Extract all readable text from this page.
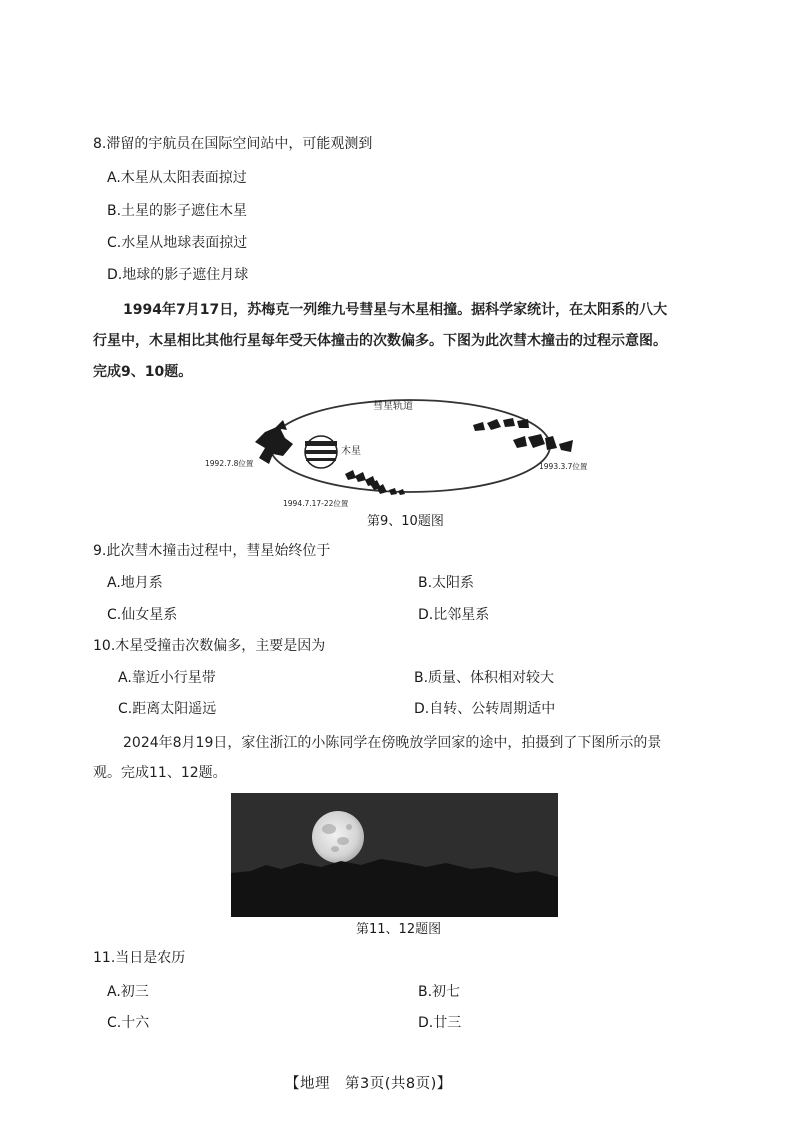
8.滞留的宇航员在国际空间站中，可能观测到
A.木星从太阳表面掠过
B.土星的影子遮住木星
C.水星从地球表面掠过
D.地球的影子遮住月球
1994年7月17日，苏梅克一列维九号彗星与木星相撞。据科学家统计，在太阳系的八大
行星中，木星相比其他行星每年受天体撞击的次数偏多。下图为此次彗木撞击的过程示意图。
完成9、10题。
彗星轨道
木星
1992.7.8位置	1993.3.7位置
1994.7.17-22位置
第9、10题图
9.此次彗木撞击过程中，彗星始终位于
A.地月系	B.太阳系
C.仙女星系	D.比邻星系
10.木星受撞击次数偏多，主要是因为
A.靠近小行星带	B.质量、体积相对较大
C.距离太阳遥远	D.自转、公转周期适中
2024年8月19日，家住浙江的小陈同学在傍晚放学回家的途中，拍摄到了下图所示的景
观。完成11、12题。
第11、12题图
11.当日是农历
A.初三	B.初七
C.十六	D.廿三
【地理　第3页(共8页)】
